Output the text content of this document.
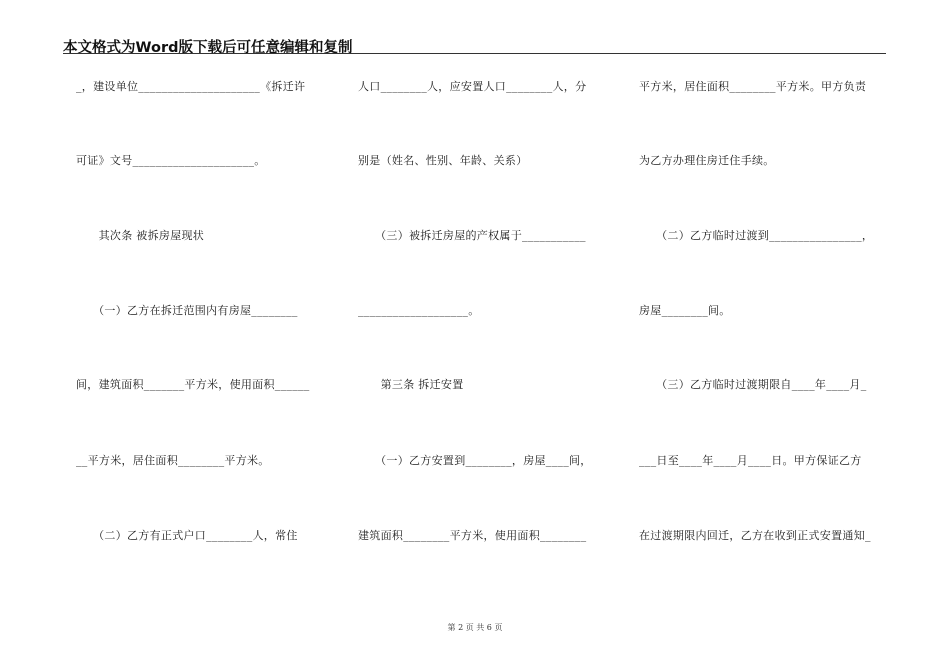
本文格式为Word版下载后可任意编辑和复制
_，建设单位_____________________《拆迁许
可证》文号_____________________。
　　其次条 被拆房屋现状
　　（一）乙方在拆迁范围内有房屋________
间，建筑面积_______平方米，使用面积______
__平方米，居住面积________平方米。
　　（二）乙方有正式户口________人，常住
人口________人，应安置人口________人，分
别是（姓名、性别、年龄、关系）
　　（三）被拆迁房屋的产权属于___________
___________________。
　　第三条 拆迁安置
　　（一）乙方安置到________，房屋____间，
建筑面积________平方米，使用面积________
平方米，居住面积________平方米。甲方负责
为乙方办理住房迁住手续。
　　（二）乙方临时过渡到________________，
房屋________间。
　　（三）乙方临时过渡期限自____年____月_
___日至____年____月____日。甲方保证乙方
在过渡期限内回迁，乙方在收到正式安置通知_
第 2 页 共 6 页
